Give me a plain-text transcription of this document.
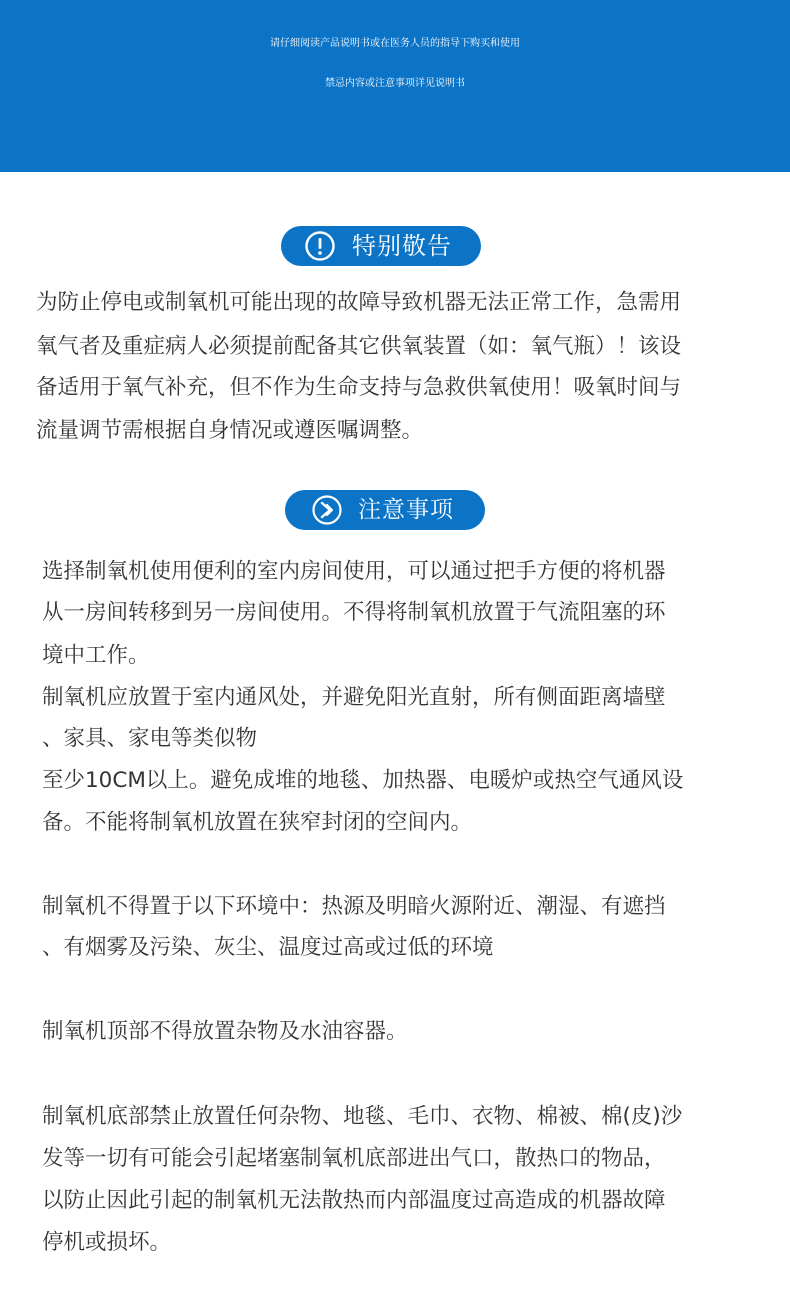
请仔细阅读产品说明书或在医务人员的指导下购买和使用
禁忌内容或注意事项详见说明书
特别敬告
为防止停电或制氧机可能出现的故障导致机器无法正常工作，急需用
氧气者及重症病人必须提前配备其它供氧装置（如：氧气瓶）！该设
备适用于氧气补充，但不作为生命支持与急救供氧使用！吸氧时间与
流量调节需根据自身情况或遵医嘱调整。
注意事项
选择制氧机使用便利的室内房间使用，可以通过把手方便的将机器
从一房间转移到另一房间使用。不得将制氧机放置于气流阻塞的环
境中工作。
制氧机应放置于室内通风处，并避免阳光直射，所有侧面距离墙壁
、家具、家电等类似物
至少10CM以上。避免成堆的地毯、加热器、电暖炉或热空气通风设
备。不能将制氧机放置在狭窄封闭的空间内。
制氧机不得置于以下环境中：热源及明暗火源附近、潮湿、有遮挡
、有烟雾及污染、灰尘、温度过高或过低的环境
制氧机顶部不得放置杂物及水油容器。
制氧机底部禁止放置任何杂物、地毯、毛巾、衣物、棉被、棉(皮)沙
发等一切有可能会引起堵塞制氧机底部进出气口，散热口的物品，
以防止因此引起的制氧机无法散热而内部温度过高造成的机器故障
停机或损坏。
